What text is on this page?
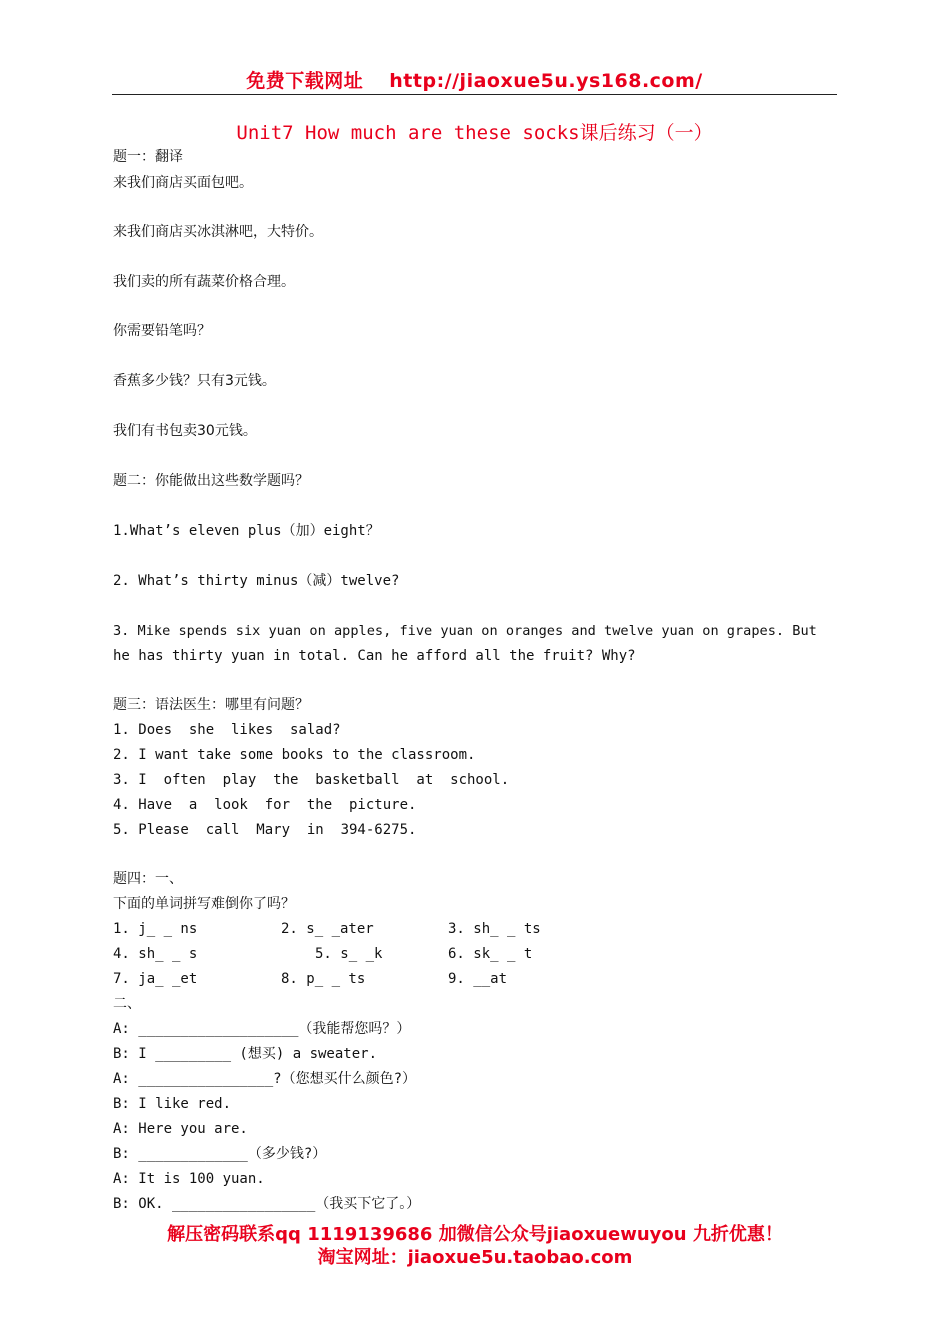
免费下载网址 http://jiaoxue5u.ys168.com/
Unit7 How much are these socks课后练习（一）
题一：翻译
来我们商店买面包吧。
来我们商店买冰淇淋吧，大特价。
我们卖的所有蔬菜价格合理。
你需要铅笔吗？
香蕉多少钱？只有3元钱。
我们有书包卖30元钱。
题二：你能做出这些数学题吗？
1.What’s eleven plus（加）eight？
2. What’s thirty minus（减）twelve?
3. Mike spends six yuan on apples, five yuan on oranges and twelve yuan on grapes. But
he has thirty yuan in total. Can he afford all the fruit? Why?
题三：语法医生：哪里有问题？
1. Does  she  likes  salad?
2. I want take some books to the classroom.
3. I  often  play  the  basketball  at  school.
4. Have  a  look  for  the  picture.
5. Please  call  Mary  in  394-6275.
题四：一、
下面的单词拼写难倒你了吗？
1. j_ _ ns	2. s_ _ater	3. sh_ _ ts
4. sh_ _ s	5. s_ _k	6. sk_ _ t
7. ja_ _et	8. p_ _ ts	9. __at
二、
A: ___________________（我能帮您吗？）
B: I _________ (想买) a sweater.
A: ________________?（您想买什么颜色?）
B: I like red.
A: Here you are.
B: _____________（多少钱?）
A: It is 100 yuan.
B: OK. _________________（我买下它了。）
解压密码联系qq 1119139686 加微信公众号jiaoxuewuyou 九折优惠！
淘宝网址：jiaoxue5u.taobao.com
